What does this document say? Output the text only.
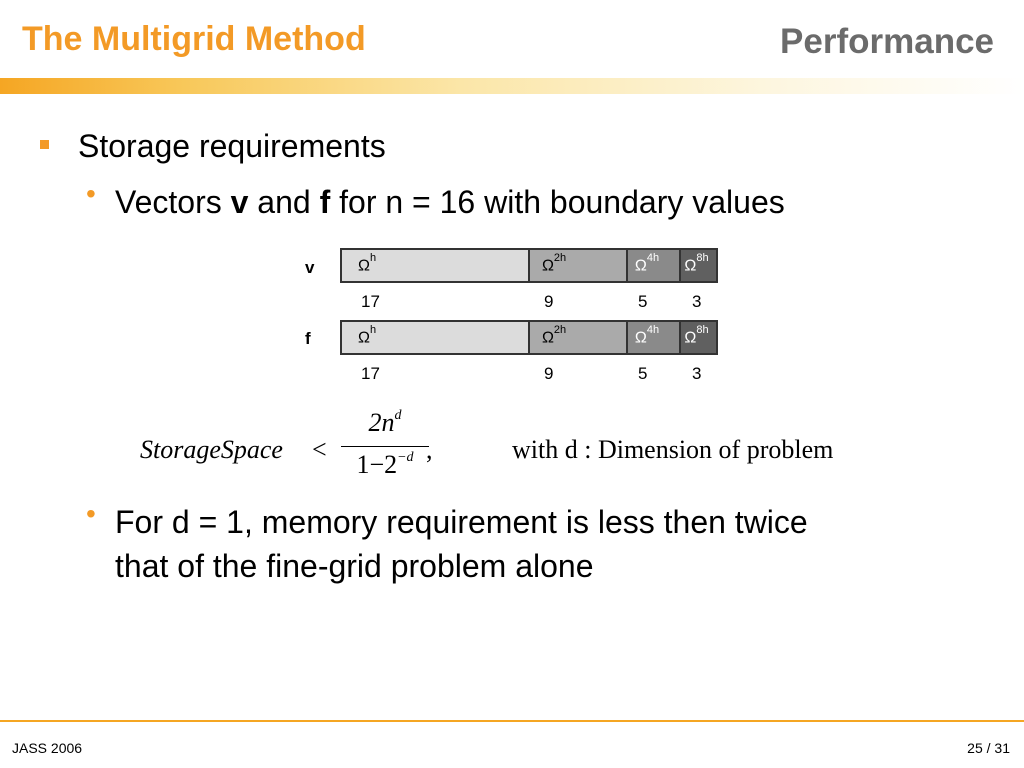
The Multigrid Method	Performance
Storage requirements
• Vectors v and f for n = 16 with boundary values
v	$\Omega^h$	$\Omega^{2h}$	$\Omega^{4h}$	$\Omega^{8h}$
17	9	5	3
f	$\Omega^h$	$\Omega^{2h}$	$\Omega^{4h}$	$\Omega^{8h}$
17	9	5	3
StorageSpace <
$2n^d$
$1-2^{-d}$ ,	with d : Dimension of problem
• For d = 1, memory requirement is less then twice
that of the fine-grid problem alone
JASS 2006	25 / 31
